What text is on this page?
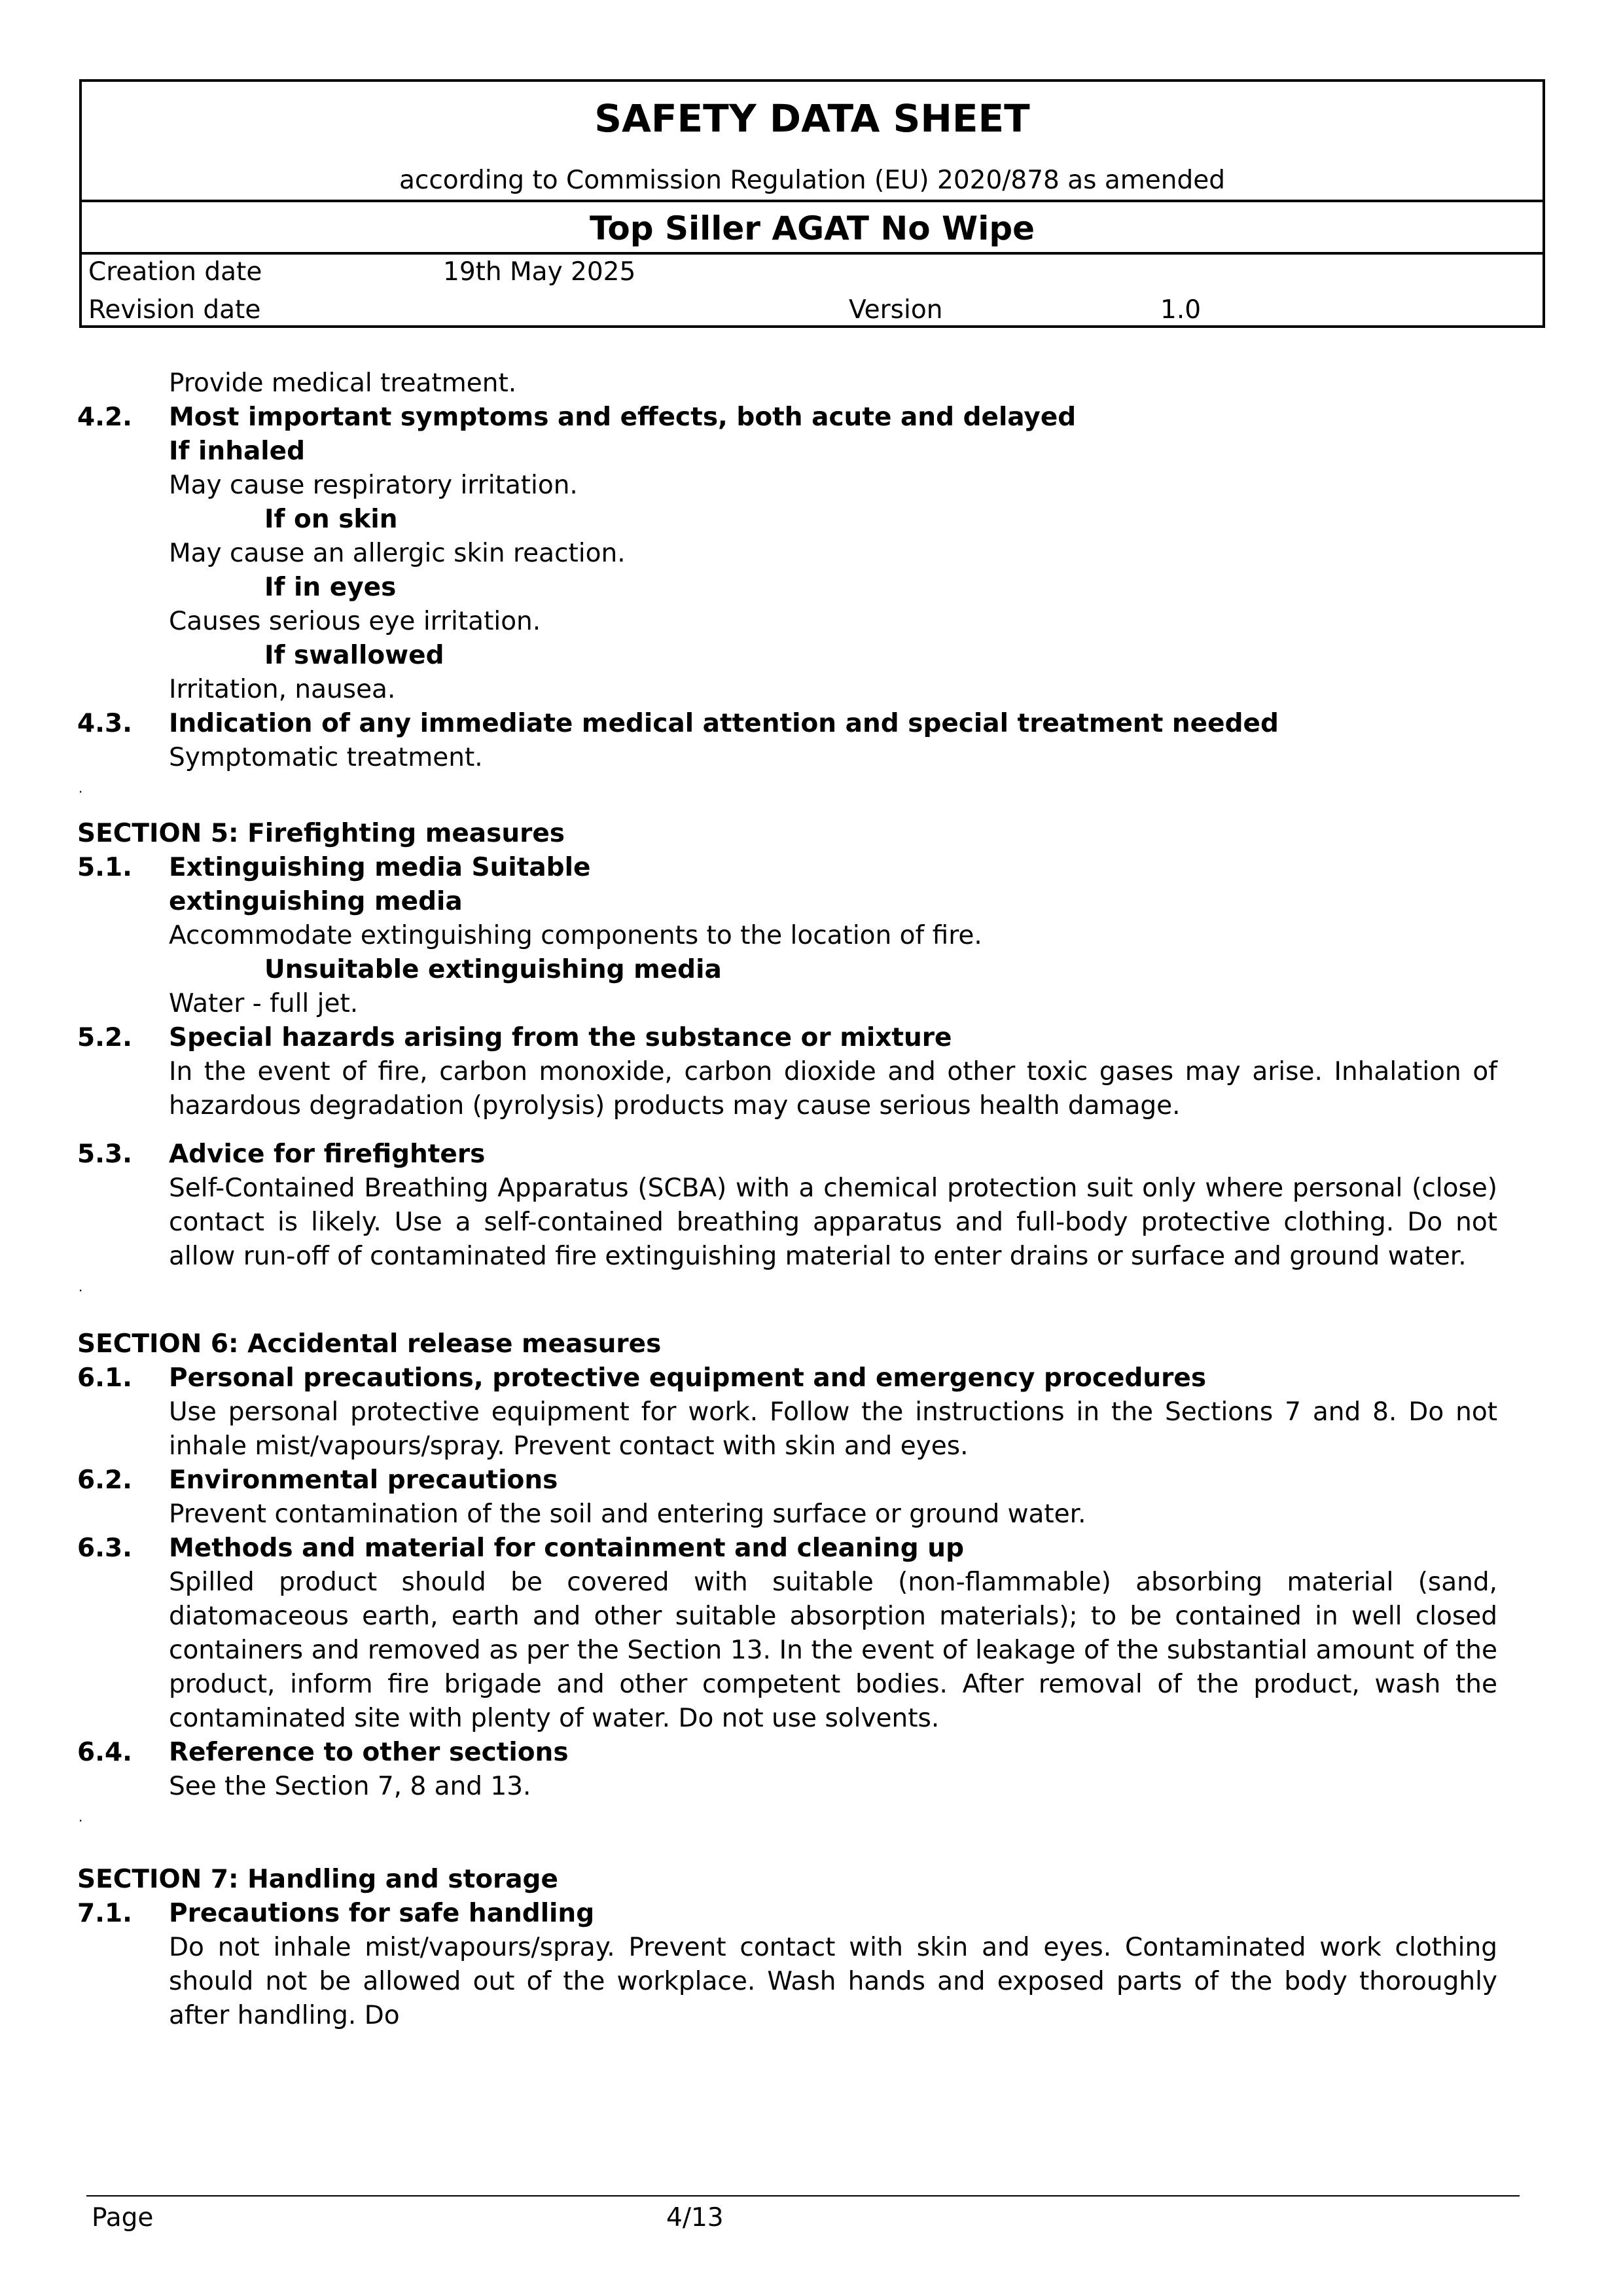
SAFETY DATA SHEET
according to Commission Regulation (EU) 2020/878 as amended
Top Siller AGAT No Wipe
Creation date	19th May 2025
Revision date	Version	1.0
Provide medical treatment.
4.2. Most important symptoms and effects, both acute and delayed
If inhaled
May cause respiratory irritation.
If on skin
May cause an allergic skin reaction.
If in eyes
Causes serious eye irritation.
If swallowed
Irritation, nausea.
4.3. Indication of any immediate medical attention and special treatment needed
Symptomatic treatment.
·
SECTION 5: Firefighting measures
5.1. Extinguishing media Suitable
extinguishing media
Accommodate extinguishing components to the location of fire.
Unsuitable extinguishing media
Water - full jet.
5.2. Special hazards arising from the substance or mixture
In the event of fire, carbon monoxide, carbon dioxide and other toxic gases may arise. Inhalation of hazardous degradation (pyrolysis) products may cause serious health damage.
5.3. Advice for firefighters
Self-Contained Breathing Apparatus (SCBA) with a chemical protection suit only where personal (close) contact is likely. Use a self-contained breathing apparatus and full-body protective clothing. Do not allow run-off of contaminated fire extinguishing material to enter drains or surface and ground water.
·
SECTION 6: Accidental release measures
6.1. Personal precautions, protective equipment and emergency procedures
Use personal protective equipment for work. Follow the instructions in the Sections 7 and 8. Do not inhale mist/vapours/spray. Prevent contact with skin and eyes.
6.2. Environmental precautions
Prevent contamination of the soil and entering surface or ground water.
6.3. Methods and material for containment and cleaning up
Spilled product should be covered with suitable (non-flammable) absorbing material (sand, diatomaceous earth, earth and other suitable absorption materials); to be contained in well closed containers and removed as per the Section 13. In the event of leakage of the substantial amount of the product, inform fire brigade and other competent bodies. After removal of the product, wash the contaminated site with plenty of water. Do not use solvents.
6.4. Reference to other sections
See the Section 7, 8 and 13.
·
SECTION 7: Handling and storage
7.1. Precautions for safe handling
Do not inhale mist/vapours/spray. Prevent contact with skin and eyes. Contaminated work clothing should not be allowed out of the workplace. Wash hands and exposed parts of the body thoroughly after handling. Do
Page	4/13
